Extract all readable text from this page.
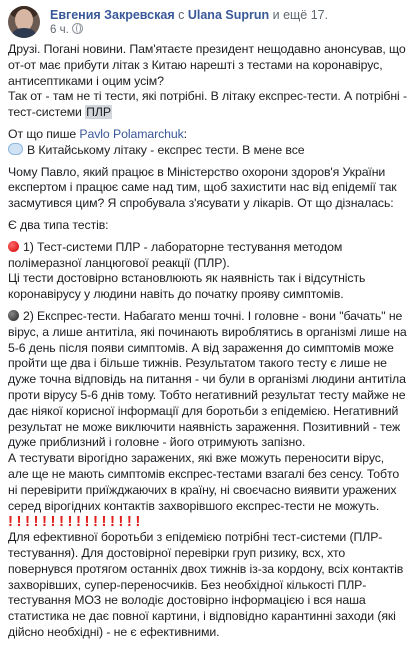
Евгения Закревская с Ulana Suprun и ещё 17.
6 ч.

Друзі. Погані новини. Пам'ятаєте президент нещодавно анонсував, що от-от має прибути літак з Китаю нарешті з тестами на коронавірус, антисептиками і оцим усім?

Так от - там не ті тести, які потрібні. В літаку експрес-тести. А потрібні - тест-системи ПЛР

От що пише Pavlo Polamarchuk:

В Китайському літаку - експрес тести. В мене все

Чому Павло, який працює в Міністерство охорони здоров'я України експертом і працює саме над тим, щоб захистити нас від епідемії так засмутився цим? Я спробувала з'ясувати у лікарів. От що дізналась:

Є два типа тестів:

1) Тест-системи ПЛР - лабораторне тестування методом полімеразної ланцюгової реакції (ПЛР).

Ці тести достовірно встановлюють як наявність так і відсутність коронавірусу у людини навіть до початку прояву симптомів.

2) Експрес-тести. Набагато менш точні. І головне - вони "бачать" не вірус, а лише антитіла, які починають вироблятись в організмі лише на 5-6 день після появи симптомів. А від зараження до симптомів може пройти ще два і більше тижнів. Результатом такого тесту є лише не дуже точна відповідь на питання - чи були в організмі людини антитіла проти вірусу 5-6 днів тому. Тобто негативний результат тесту майже не дає ніякої корисної інформації для боротьби з епідемією. Негативний результат не може виключити наявність зараження. Позитивний - теж дуже приблизний і головне - його отримують запізно.

А тестувати вірогідно заражених, які вже можуть переносити вірус, але ще не мають симптомів експрес-тестами взагалі без сенсу. Тобто ні перевірити приїжджаючих в країну, ні своєчасно виявити уражених серед вірогідних контактів захворівшого експрес-тести не можуть.

!!!!!!!!!!!!!!!!

Для ефективної боротьби з епідемією потрібні тест-системи (ПЛР-тестування). Для достовірної перевірки груп ризику, всх, хто повернувся протягом останніх двох тижнів із-за кордону, всіх контактів захворівших, супер-переносчиків. Без необхідної кількості ПЛР-тестування МОЗ не володіє достовірно інформацією і вся наша статистика не дає повної картини, і відповідно карантинні заходи (які дійсно необхідні) - не є ефективними.
